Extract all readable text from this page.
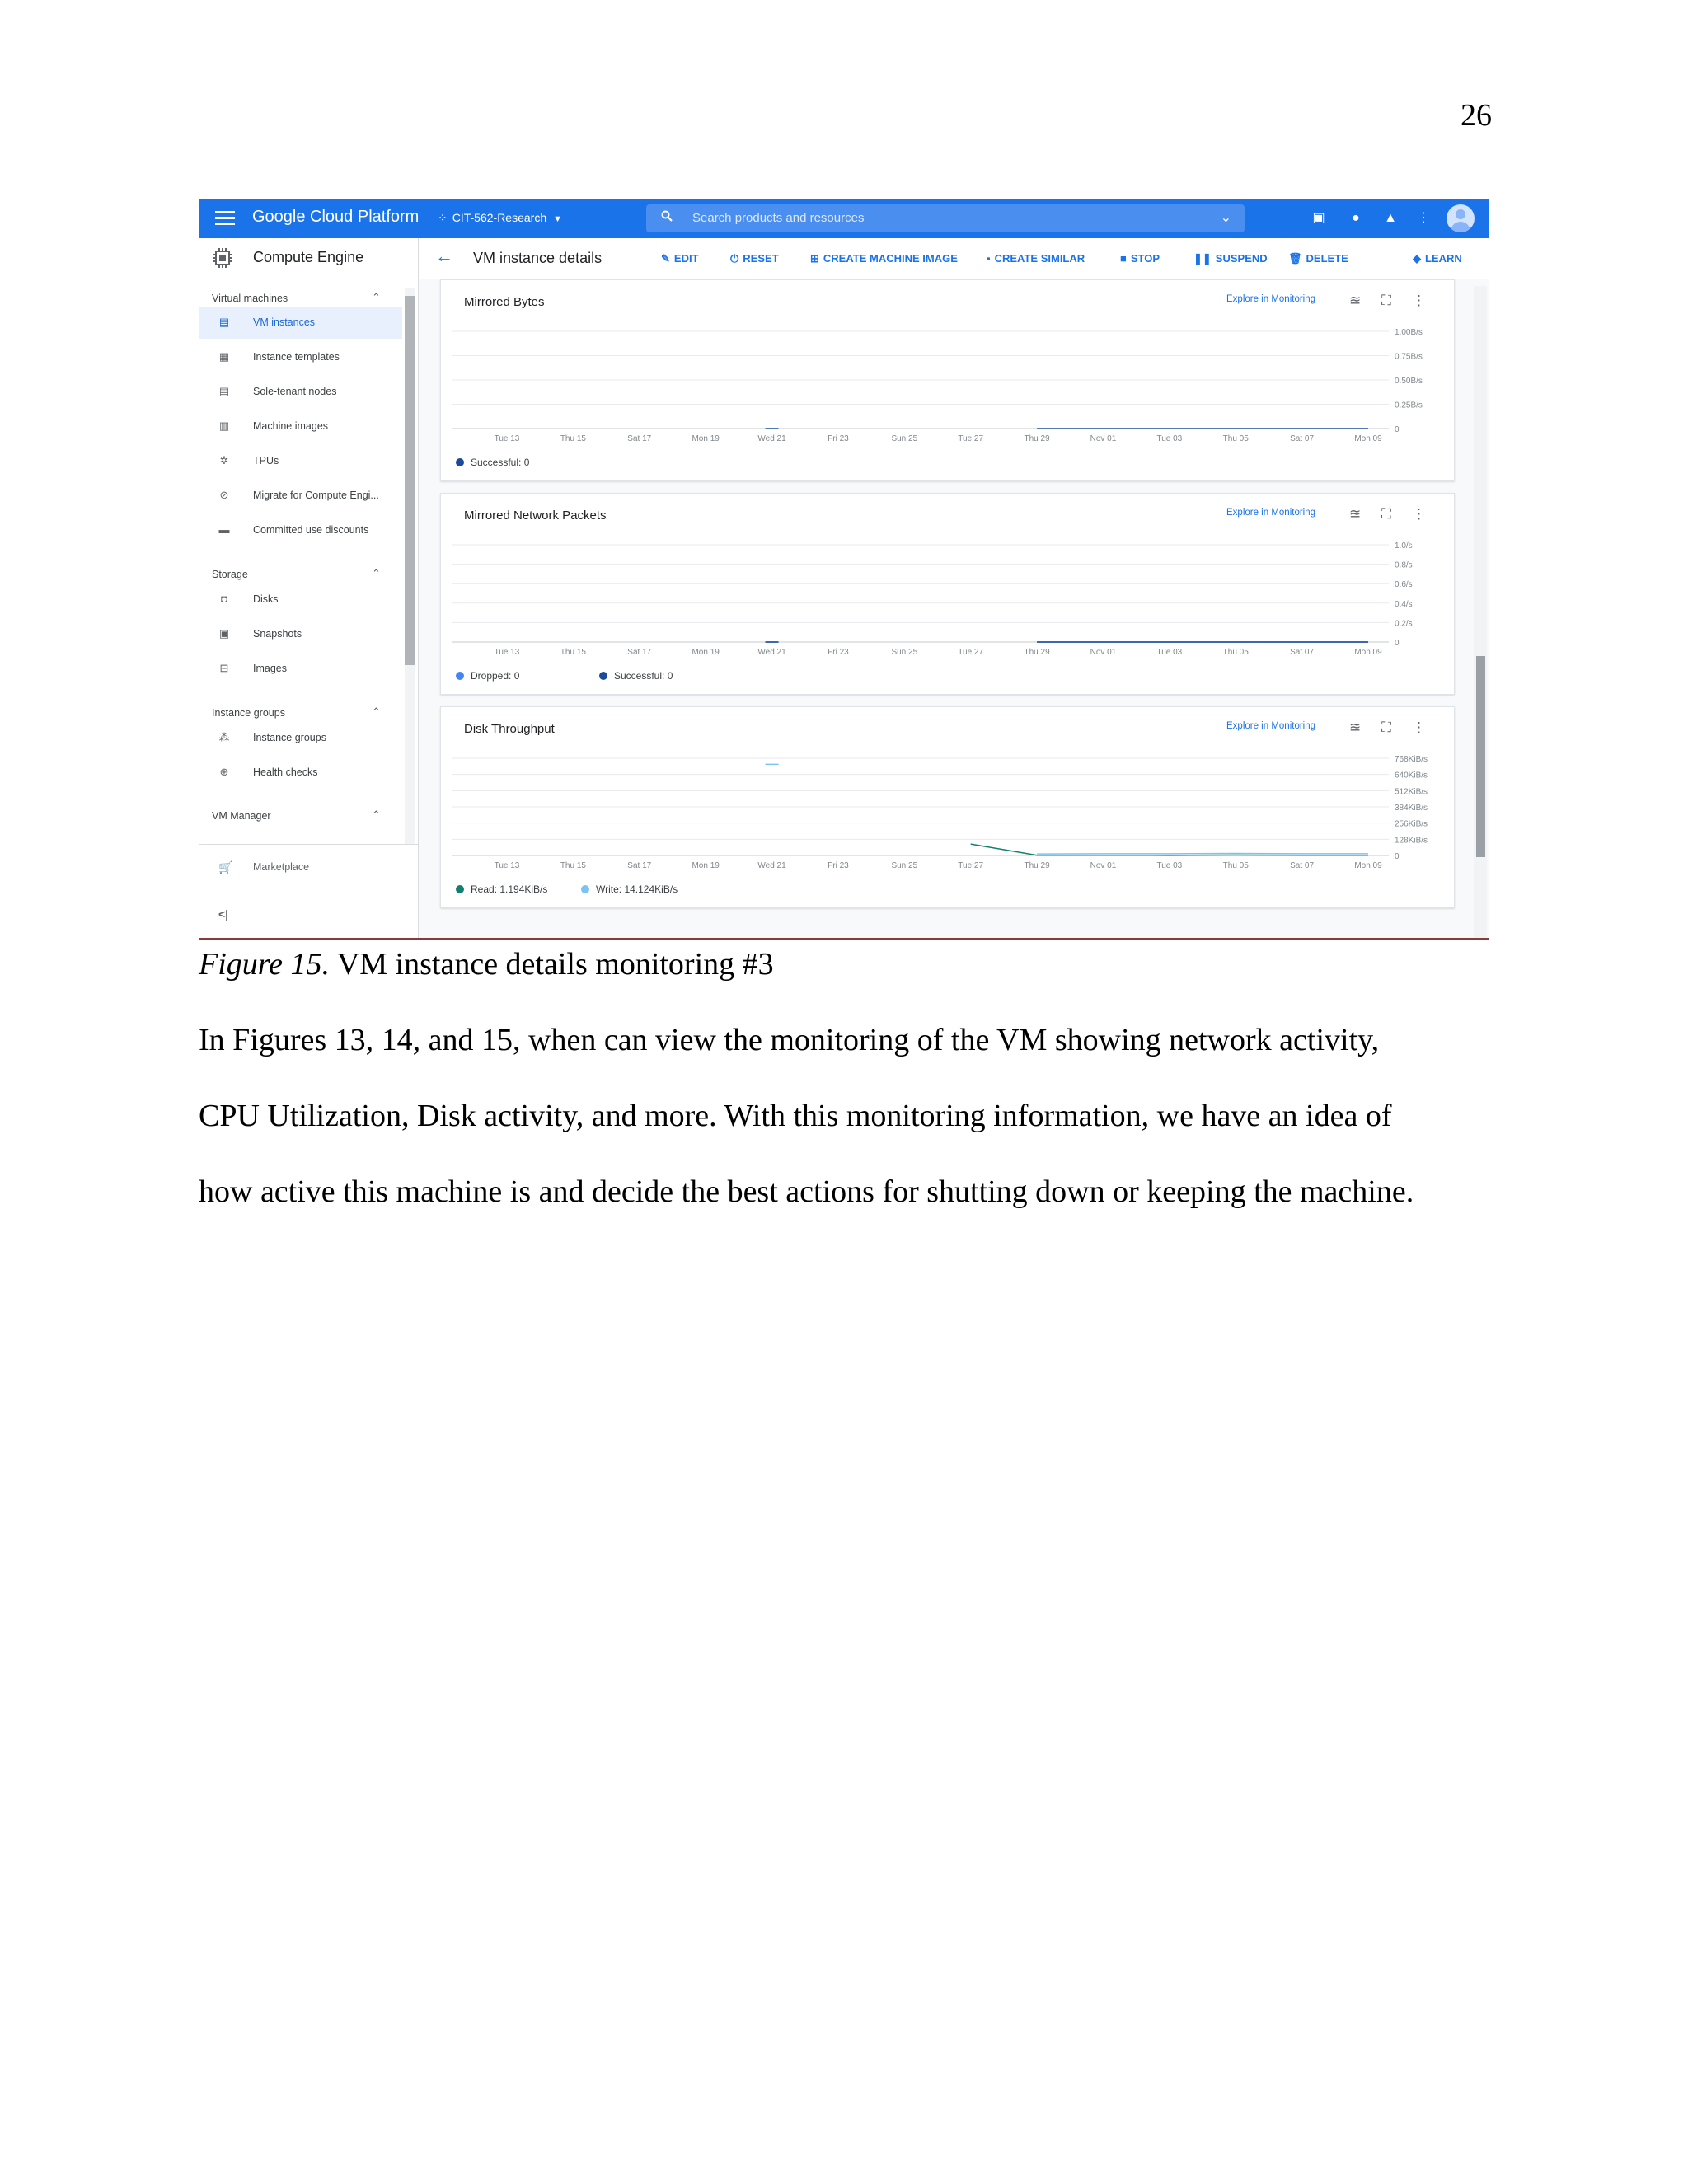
26
Google Cloud Platform ⁘ CIT-562-Research ▼	Search products and resources	⌄	▣	●	▲ ⋮
Compute Engine	← VM instance details	✎ EDIT	⏻ RESET	⊞ CREATE MACHINE IMAGE	▪ CREATE SIMILAR	■ STOP	❚❚ SUSPEND 🗑 DELETE	◆ LEARN
Virtual machines	⌃
▤ VM instances
▦ Instance templates
▤ Sole-tenant nodes
▥ Machine images
✲ TPUs
⊘ Migrate for Compute Engi...
▬ Committed use discounts
Storage	⌃
◘ Disks
▣ Snapshots
⊟ Images
Instance groups	⌃
⁂ Instance groups
⊕ Health checks
VM Manager	⌃
🛒 Marketplace
<|
Mirrored Bytes	Explore in Monitoring ≊ ⛶ ⋮
1.00B/s
0.75B/s
0.50B/s
0.25B/s
0
Tue 13	Thu 15	Sat 17	Mon 19	Wed 21	Fri 23	Sun 25	Tue 27	Thu 29	Nov 01	Tue 03	Thu 05	Sat 07	Mon 09
Successful: 0
Mirrored Network Packets	Explore in Monitoring ≊ ⛶ ⋮
1.0/s
0.8/s
0.6/s
0.4/s
0.2/s
0
Tue 13	Thu 15	Sat 17	Mon 19	Wed 21	Fri 23	Sun 25	Tue 27	Thu 29	Nov 01	Tue 03	Thu 05	Sat 07	Mon 09
Dropped: 0	Successful: 0
Disk Throughput	Explore in Monitoring ≊ ⛶ ⋮
768KiB/s
640KiB/s
512KiB/s
384KiB/s
256KiB/s
128KiB/s
0
Tue 13	Thu 15	Sat 17	Mon 19	Wed 21	Fri 23	Sun 25	Tue 27	Thu 29	Nov 01	Tue 03	Thu 05	Sat 07	Mon 09
Read: 1.194KiB/s	Write: 14.124KiB/s
Figure 15. VM instance details monitoring #3
In Figures 13, 14, and 15, when can view the monitoring of the VM showing network activity,
CPU Utilization, Disk activity, and more. With this monitoring information, we have an idea of
how active this machine is and decide the best actions for shutting down or keeping the machine.
